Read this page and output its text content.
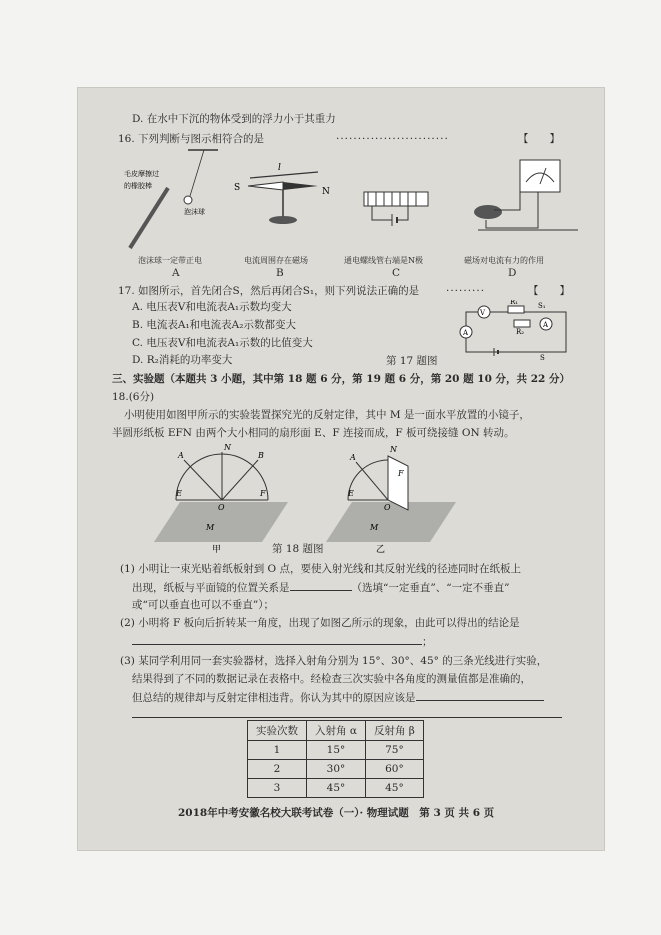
D. 在水中下沉的物体受到的浮力小于其重力
16. 下列判断与图示相符合的是	··························	【　　】
毛皮摩擦过
的橡胶棒
泡沫球
l
S	N
泡沫球一定带正电	电流周围存在磁场	通电螺线管右端是N极	磁场对电流有力的作用
A	B	C	D
17. 如图所示，首先闭合S，然后再闭合S₁，则下列说法正确的是	·········	【　　】
A. 电压表V和电流表A₁示数均变大
B. 电流表A₁和电流表A₂示数都变大
C. 电压表V和电流表A₁示数的比值变大
D. R₂消耗的功率变大
V
A
R₁
R₂
A
S₁
S
第 17 题图
三、实验题（本题共 3 小题，其中第 18 题 6 分，第 19 题 6 分，第 20 题 10 分，共 22 分）
18.(6分)
小明使用如图甲所示的实验装置探究光的反射定律，其中 M 是一面水平放置的小镜子，
半圆形纸板 EFN 由两个大小相同的扇形面 E、F 连接而成，F 板可绕接缝 ON 转动。
N
A	B
E	F
O
M
甲
N
A
E
F
O
M
乙
第 18 题图
(1) 小明让一束光贴着纸板射到 O 点，要使入射光线和其反射光线的径迹同时在纸板上
出现，纸板与平面镜的位置关系是	（选填“一定垂直”、“一定不垂直”
或“可以垂直也可以不垂直”）；
(2) 小明将 F 板向后折转某一角度，出现了如图乙所示的现象，由此可以得出的结论是
；
(3) 某同学利用同一套实验器材，选择入射角分别为 15°、30°、45° 的三条光线进行实验，
结果得到了不同的数据记录在表格中。经检查三次实验中各角度的测量值都是准确的，
但总结的规律却与反射定律相违背。你认为其中的原因应该是
实验次数	入射角 α	反射角 β
1	15°	75°
2	30°	60°
3	45°	45°
2018年中考安徽名校大联考试卷（一）· 物理试题　第 3 页 共 6 页
